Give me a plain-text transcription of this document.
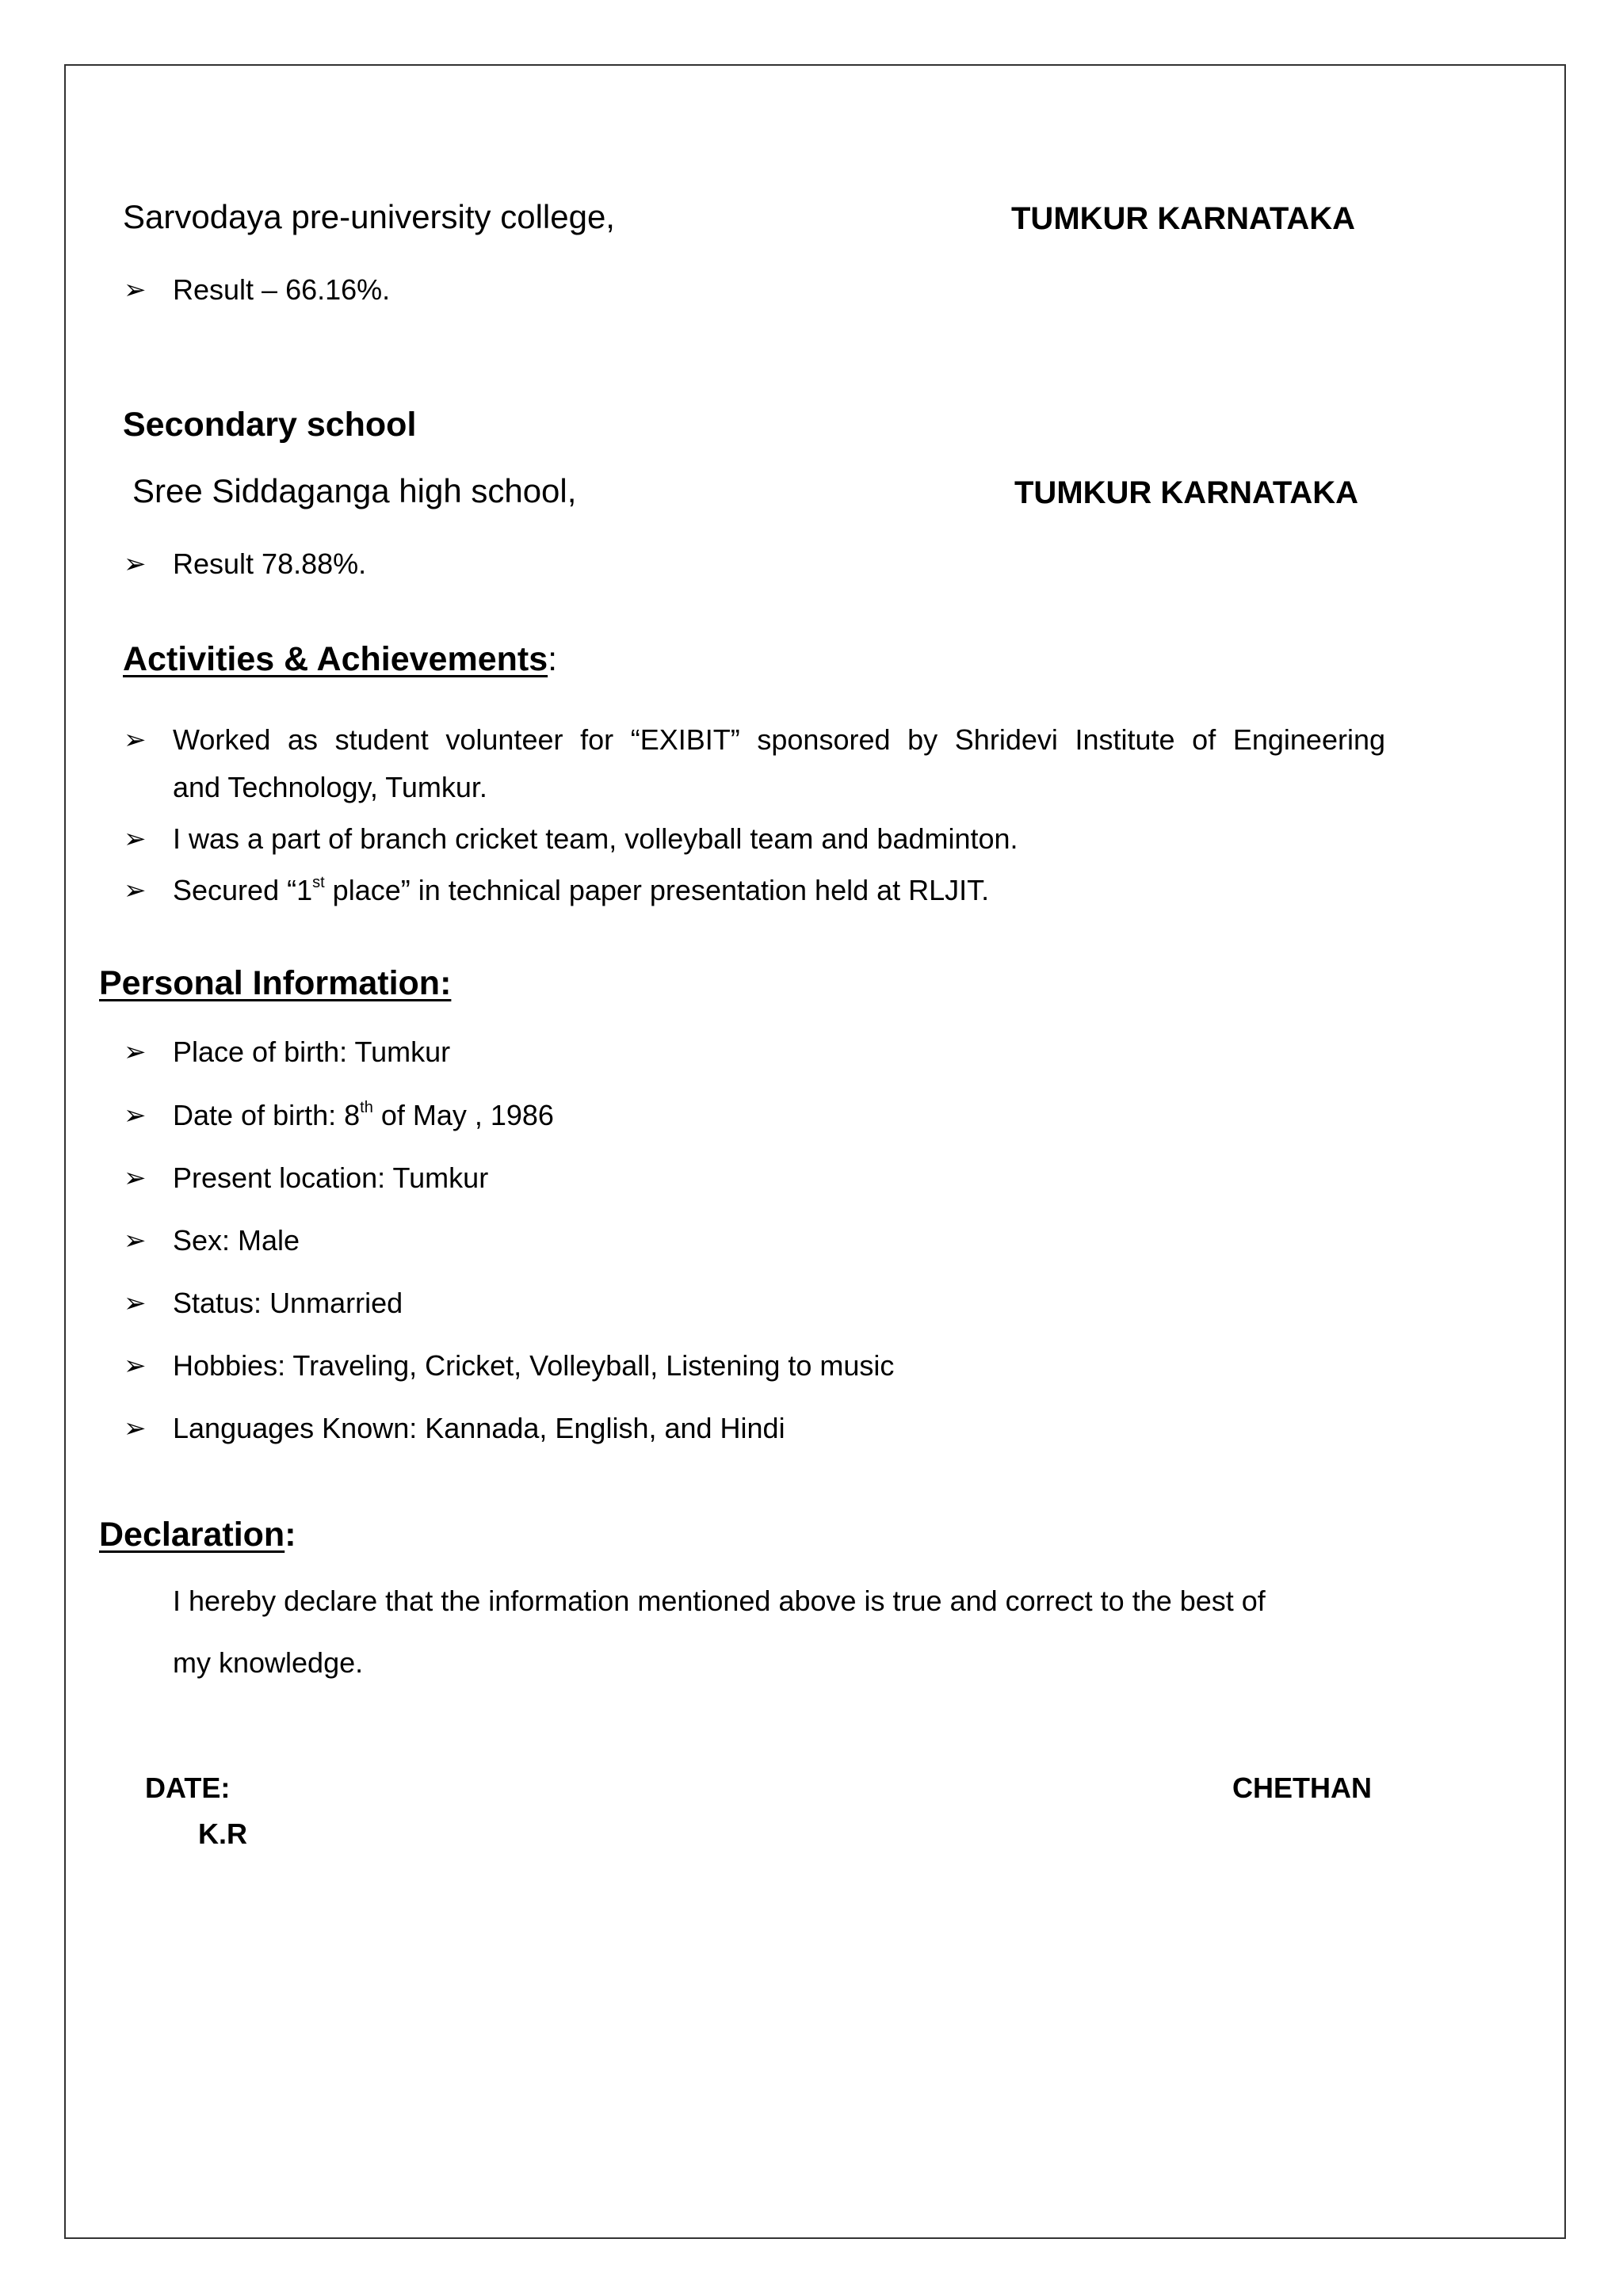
Sarvodaya pre-university college,	TUMKUR KARNATAKA
➢ Result – 66.16%.
Secondary school
Sree Siddaganga high school,	TUMKUR KARNATAKA
➢ Result 78.88%.
Activities & Achievements:
➢ Worked as student volunteer for “EXIBIT” sponsored by Shridevi Institute of Engineering
and Technology, Tumkur.
➢ I was a part of branch cricket team, volleyball team and badminton.
➢ Secured “1st place” in technical paper presentation held at RLJIT.
Personal Information:
➢ Place of birth: Tumkur
➢ Date of birth: 8th of May , 1986
➢ Present location: Tumkur
➢ Sex: Male
➢ Status: Unmarried
➢ Hobbies: Traveling, Cricket, Volleyball, Listening to music
➢ Languages Known: Kannada, English, and Hindi
Declaration:
I hereby declare that the information mentioned above is true and correct to the best of
my knowledge.
DATE:	CHETHAN
K.R
